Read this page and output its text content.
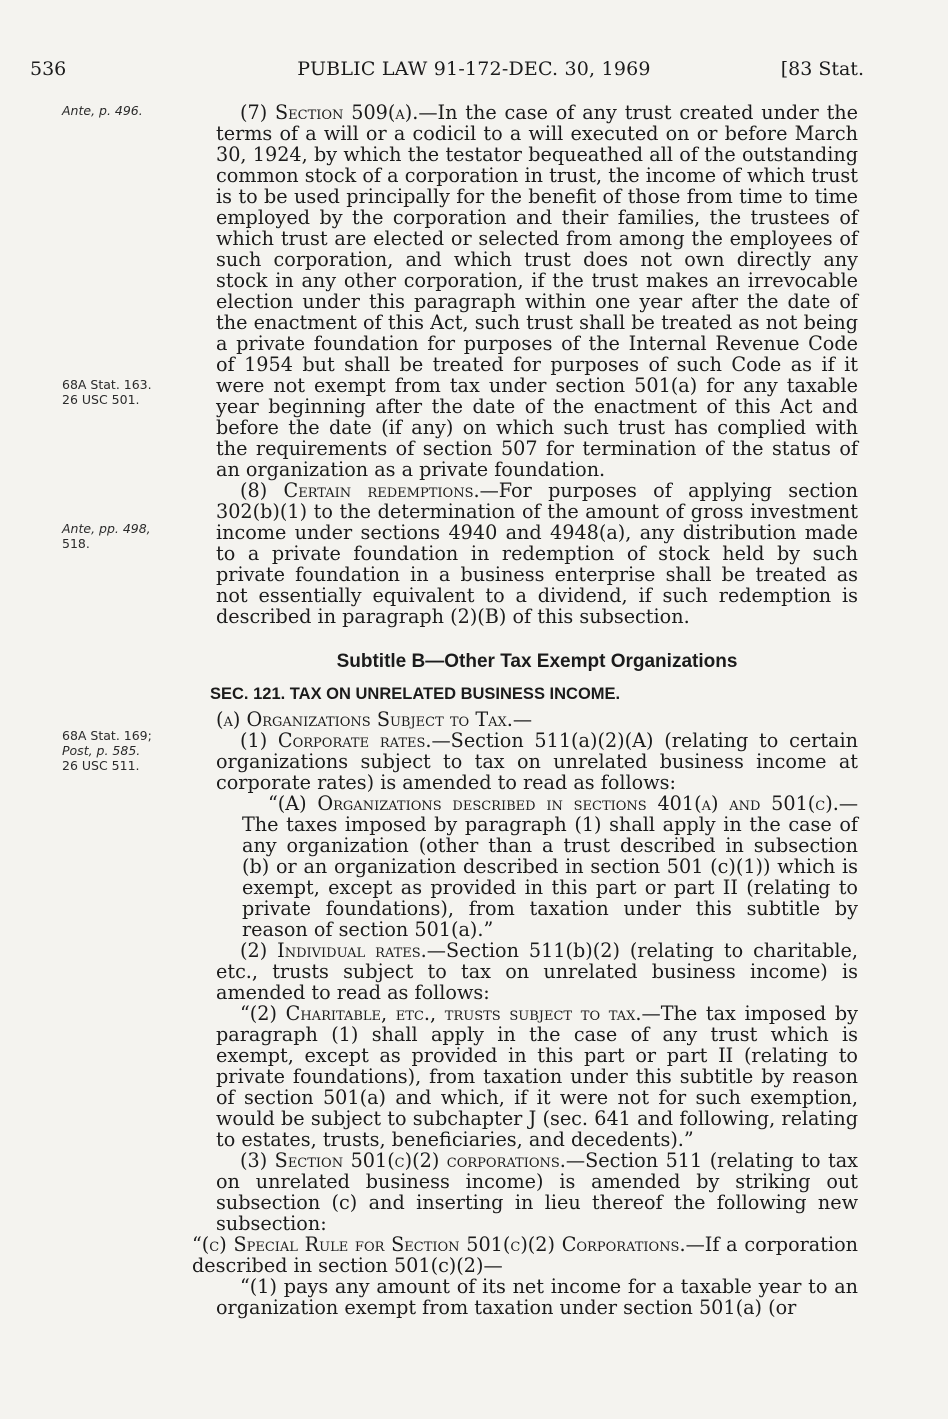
536	PUBLIC LAW 91-172-DEC. 30, 1969	[83 Stat.
Ante, p. 496.
68A Stat. 163.
26 USC 501.
Ante, pp. 498,
518.
68A Stat. 169;
Post, p. 585.
26 USC 511.

(7) Section 509(a).—In the case of any trust created under the terms of a will or a codicil to a will executed on or before March 30, 1924, by which the testator bequeathed all of the outstanding common stock of a corporation in trust, the income of which trust is to be used principally for the benefit of those from time to time employed by the corporation and their families, the trustees of which trust are elected or selected from among the employees of such corporation, and which trust does not own directly any stock in any other corporation, if the trust makes an irrevocable election under this paragraph within one year after the date of the enactment of this Act, such trust shall be treated as not being a private foundation for purposes of the Internal Revenue Code of 1954 but shall be treated for purposes of such Code as if it were not exempt from tax under section 501(a) for any taxable year beginning after the date of the enactment of this Act and before the date (if any) on which such trust has complied with the requirements of section 507 for termination of the status of an organization as a private foundation.

(8) Certain redemptions.—For purposes of applying section 302(b)(1) to the determination of the amount of gross investment income under sections 4940 and 4948(a), any distribution made to a private foundation in redemption of stock held by such private foundation in a business enterprise shall be treated as not essentially equivalent to a dividend, if such redemption is described in paragraph (2)(B) of this subsection.

Subtitle B—Other Tax Exempt Organizations

SEC. 121. TAX ON UNRELATED BUSINESS INCOME.

(a) Organizations Subject to Tax.—

(1) Corporate rates.—Section 511(a)(2)(A) (relating to certain organizations subject to tax on unrelated business income at corporate rates) is amended to read as follows:

“(A) Organizations described in sections 401(a) and 501(c).—The taxes imposed by paragraph (1) shall apply in the case of any organization (other than a trust described in subsection (b) or an organization described in section 501 (c)(1)) which is exempt, except as provided in this part or part II (relating to private foundations), from taxation under this subtitle by reason of section 501(a).”

(2) Individual rates.—Section 511(b)(2) (relating to charitable, etc., trusts subject to tax on unrelated business income) is amended to read as follows:

“(2) Charitable, etc., trusts subject to tax.—The tax imposed by paragraph (1) shall apply in the case of any trust which is exempt, except as provided in this part or part II (relating to private foundations), from taxation under this subtitle by reason of section 501(a) and which, if it were not for such exemption, would be subject to subchapter J (sec. 641 and following, relating to estates, trusts, beneficiaries, and decedents).”

(3) Section 501(c)(2) corporations.—Section 511 (relating to tax on unrelated business income) is amended by striking out subsection (c) and inserting in lieu thereof the following new subsection:

“(c) Special Rule for Section 501(c)(2) Corporations.—If a corporation described in section 501(c)(2)—

“(1) pays any amount of its net income for a taxable year to an organization exempt from taxation under section 501(a) (or
